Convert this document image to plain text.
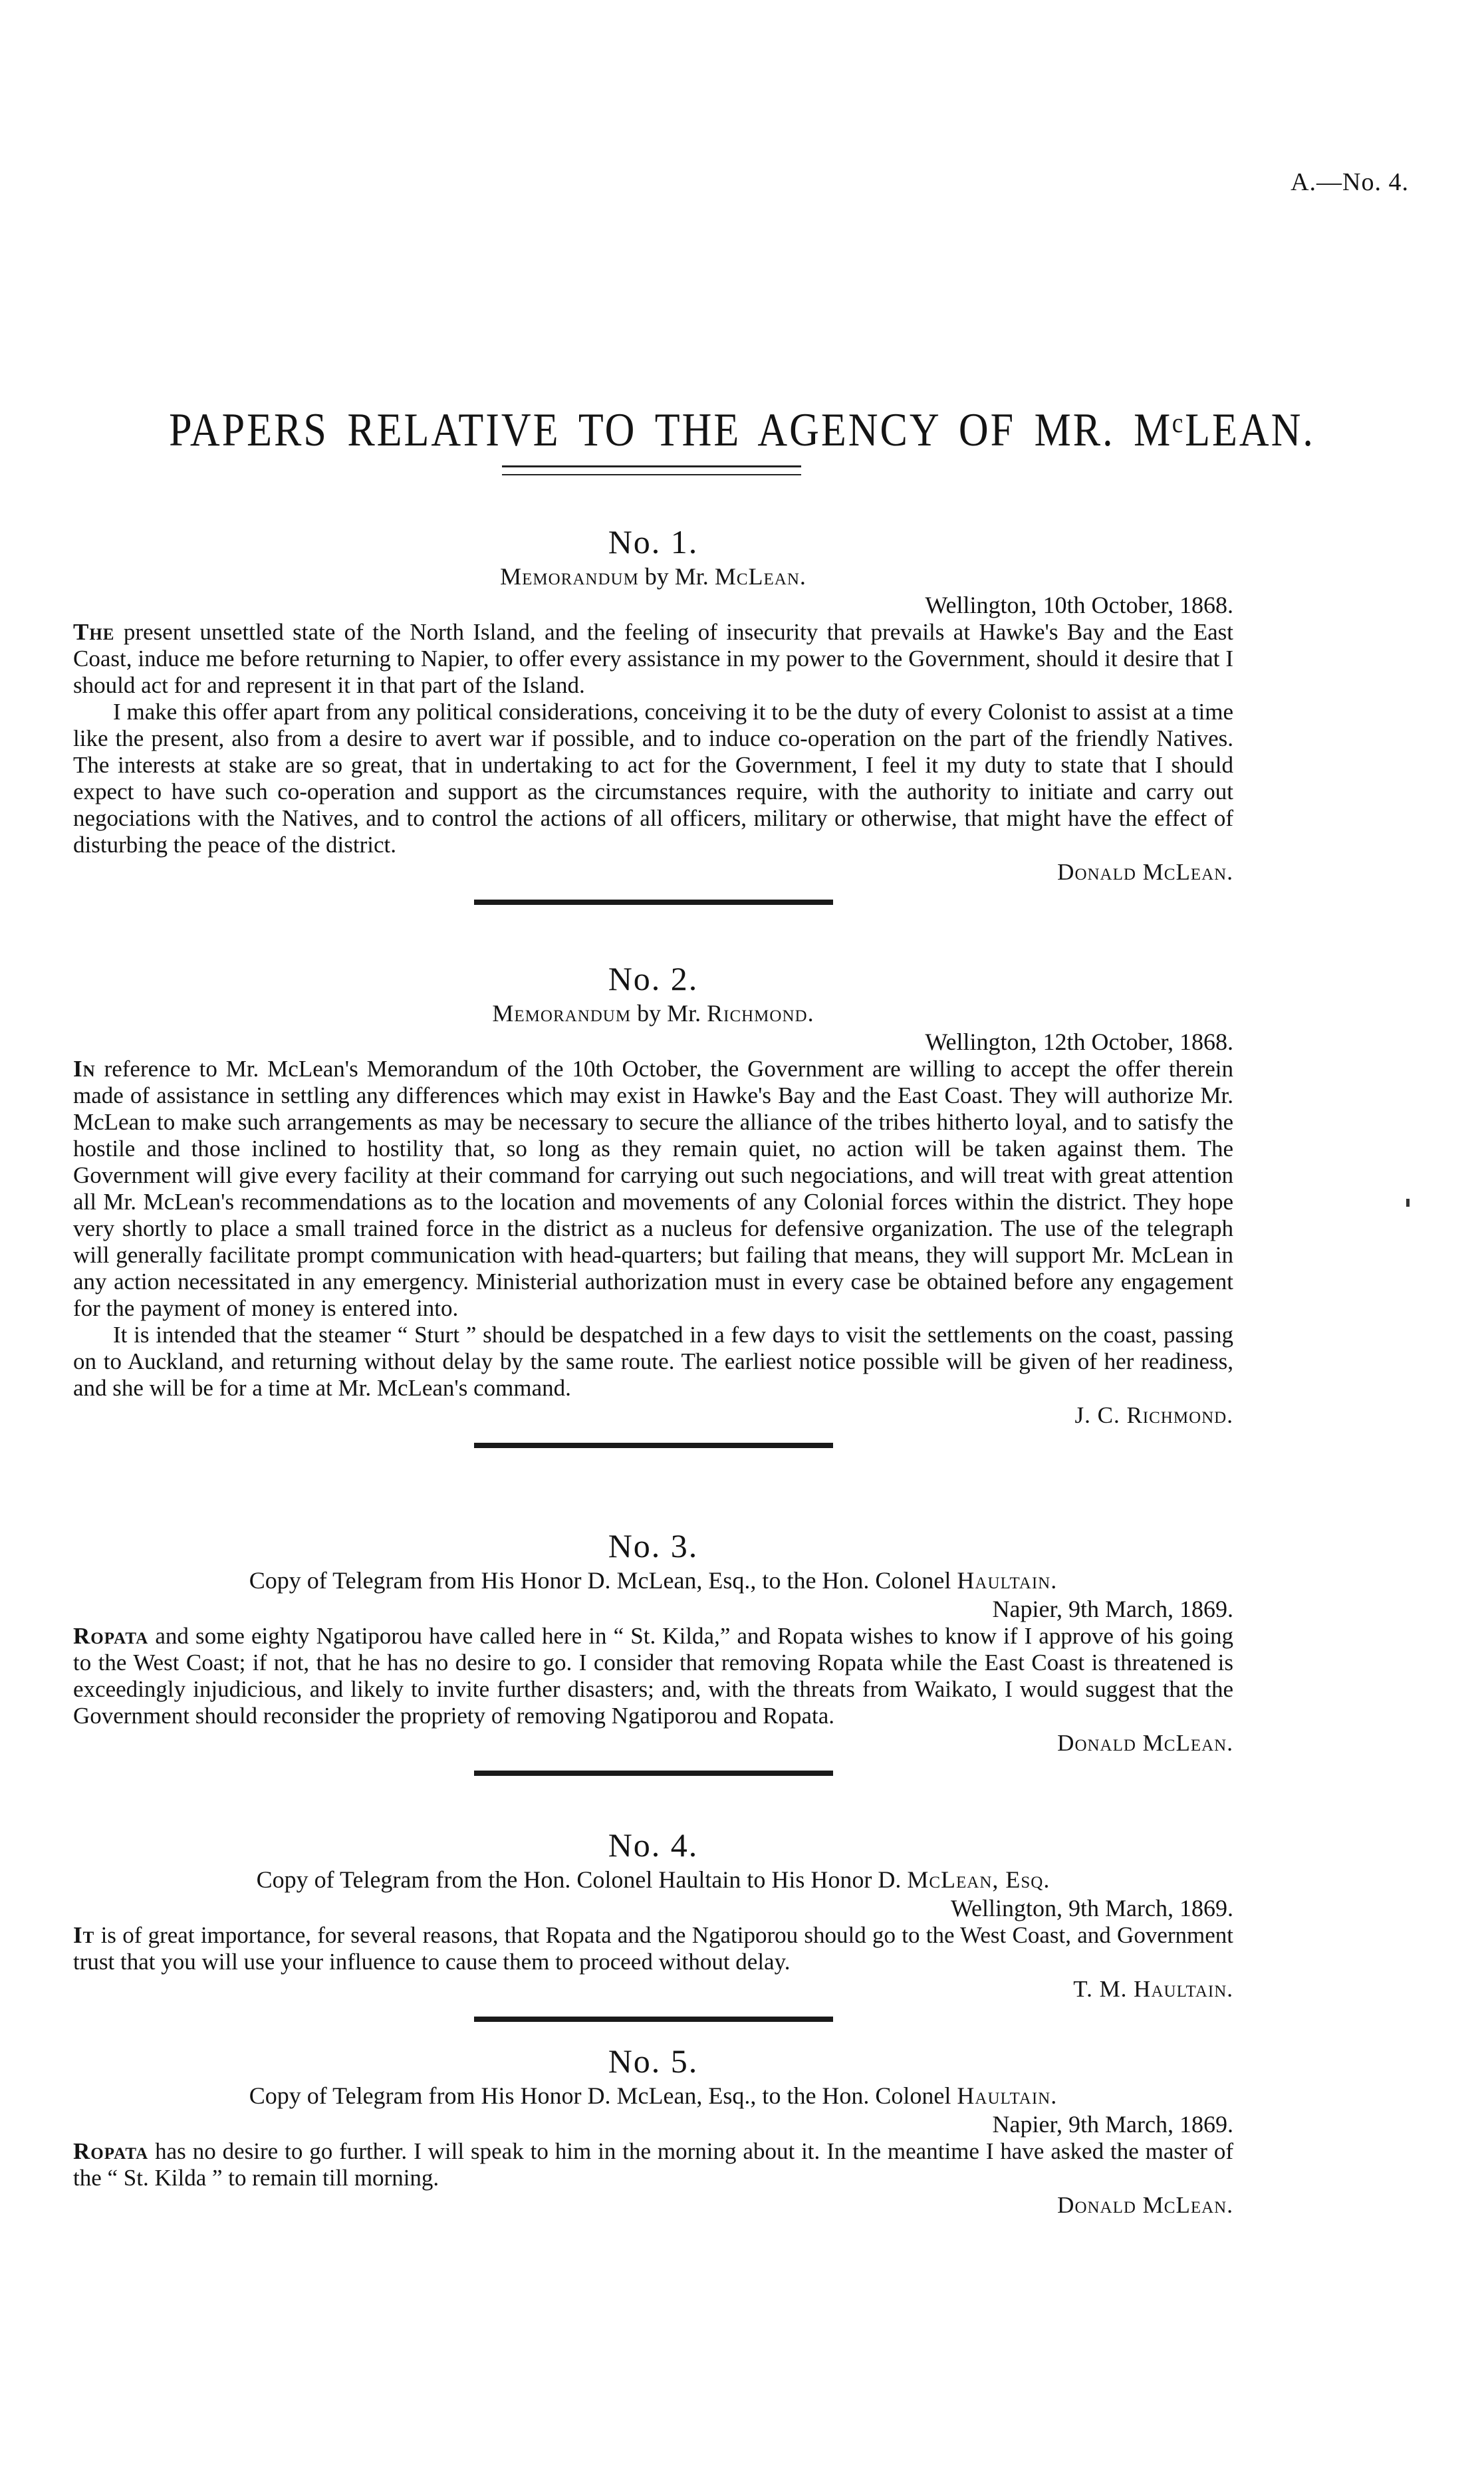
A.—No. 4.
PAPERS RELATIVE TO THE AGENCY OF MR. MᶜLEAN.
No. 1.
Memorandum by Mr. McLean.
Wellington, 10th October, 1868.

The present unsettled state of the North Island, and the feeling of insecurity that prevails at Hawke's Bay and the East Coast, induce me before returning to Napier, to offer every assistance in my power to the Government, should it desire that I should act for and represent it in that part of the Island.

I make this offer apart from any political considerations, conceiving it to be the duty of every Colonist to assist at a time like the present, also from a desire to avert war if possible, and to induce co-operation on the part of the friendly Natives. The interests at stake are so great, that in undertaking to act for the Government, I feel it my duty to state that I should expect to have such co-operation and support as the circumstances require, with the authority to initiate and carry out negociations with the Natives, and to control the actions of all officers, military or otherwise, that might have the effect of disturbing the peace of the district.

Donald McLean.
No. 2.
Memorandum by Mr. Richmond.
Wellington, 12th October, 1868.

In reference to Mr. McLean's Memorandum of the 10th October, the Government are willing to accept the offer therein made of assistance in settling any differences which may exist in Hawke's Bay and the East Coast. They will authorize Mr. McLean to make such arrangements as may be necessary to secure the alliance of the tribes hitherto loyal, and to satisfy the hostile and those inclined to hostility that, so long as they remain quiet, no action will be taken against them. The Government will give every facility at their command for carrying out such negociations, and will treat with great attention all Mr. McLean's recommendations as to the location and movements of any Colonial forces within the district. They hope very shortly to place a small trained force in the district as a nucleus for defensive organization. The use of the telegraph will generally facilitate prompt communication with head-quarters; but failing that means, they will support Mr. McLean in any action necessitated in any emergency. Ministerial authorization must in every case be obtained before any engagement for the payment of money is entered into.

It is intended that the steamer “ Sturt ” should be despatched in a few days to visit the settlements on the coast, passing on to Auckland, and returning without delay by the same route. The earliest notice possible will be given of her readiness, and she will be for a time at Mr. McLean's command.

J. C. Richmond.
No. 3.
Copy of Telegram from His Honor D. McLean, Esq., to the Hon. Colonel Haultain.
Napier, 9th March, 1869.

Ropata and some eighty Ngatiporou have called here in “ St. Kilda,” and Ropata wishes to know if I approve of his going to the West Coast; if not, that he has no desire to go. I consider that removing Ropata while the East Coast is threatened is exceedingly injudicious, and likely to invite further disasters; and, with the threats from Waikato, I would suggest that the Government should reconsider the propriety of removing Ngatiporou and Ropata.

Donald McLean.
No. 4.
Copy of Telegram from the Hon. Colonel Haultain to His Honor D. McLean, Esq.
Wellington, 9th March, 1869.

It is of great importance, for several reasons, that Ropata and the Ngatiporou should go to the West Coast, and Government trust that you will use your influence to cause them to proceed without delay.

T. M. Haultain.
No. 5.
Copy of Telegram from His Honor D. McLean, Esq., to the Hon. Colonel Haultain.
Napier, 9th March, 1869.

Ropata has no desire to go further. I will speak to him in the morning about it. In the meantime I have asked the master of the “ St. Kilda ” to remain till morning.

Donald McLean.
